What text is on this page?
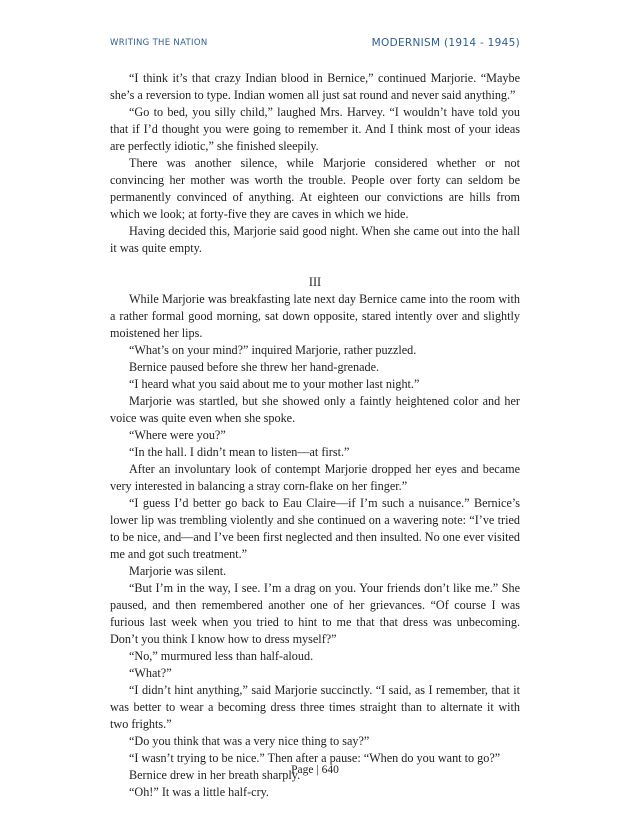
WRITING THE NATION	MODERNISM (1914 - 1945)

“I think it’s that crazy Indian blood in Bernice,” continued Marjorie. “Maybe she’s a reversion to type. Indian women all just sat round and never said anything.”

“Go to bed, you silly child,” laughed Mrs. Harvey. “I wouldn’t have told you that if I’d thought you were going to remember it. And I think most of your ideas are perfectly idiotic,” she finished sleepily.

There was another silence, while Marjorie considered whether or not convincing her mother was worth the trouble. People over forty can seldom be permanently convinced of anything. At eighteen our convictions are hills from which we look; at forty-five they are caves in which we hide.

Having decided this, Marjorie said good night. When she came out into the hall it was quite empty.

III

While Marjorie was breakfasting late next day Bernice came into the room with a rather formal good morning, sat down opposite, stared intently over and slightly moistened her lips.

“What’s on your mind?” inquired Marjorie, rather puzzled.

Bernice paused before she threw her hand-grenade.

“I heard what you said about me to your mother last night.”

Marjorie was startled, but she showed only a faintly heightened color and her voice was quite even when she spoke.

“Where were you?”

“In the hall. I didn’t mean to listen—at first.”

After an involuntary look of contempt Marjorie dropped her eyes and became very interested in balancing a stray corn-flake on her finger.”

“I guess I’d better go back to Eau Claire—if I’m such a nuisance.” Bernice’s lower lip was trembling violently and she continued on a wavering note: “I’ve tried to be nice, and—and I’ve been first neglected and then insulted. No one ever visited me and got such treatment.”

Marjorie was silent.

“But I’m in the way, I see. I’m a drag on you. Your friends don’t like me.” She paused, and then remembered another one of her grievances. “Of course I was furious last week when you tried to hint to me that that dress was unbecoming. Don’t you think I know how to dress myself?”

“No,” murmured less than half-aloud.

“What?”

“I didn’t hint anything,” said Marjorie succinctly. “I said, as I remember, that it was better to wear a becoming dress three times straight than to alternate it with two frights.”

“Do you think that was a very nice thing to say?”

“I wasn’t trying to be nice.” Then after a pause: “When do you want to go?”

Bernice drew in her breath sharply.

“Oh!” It was a little half-cry.

Page | 640
